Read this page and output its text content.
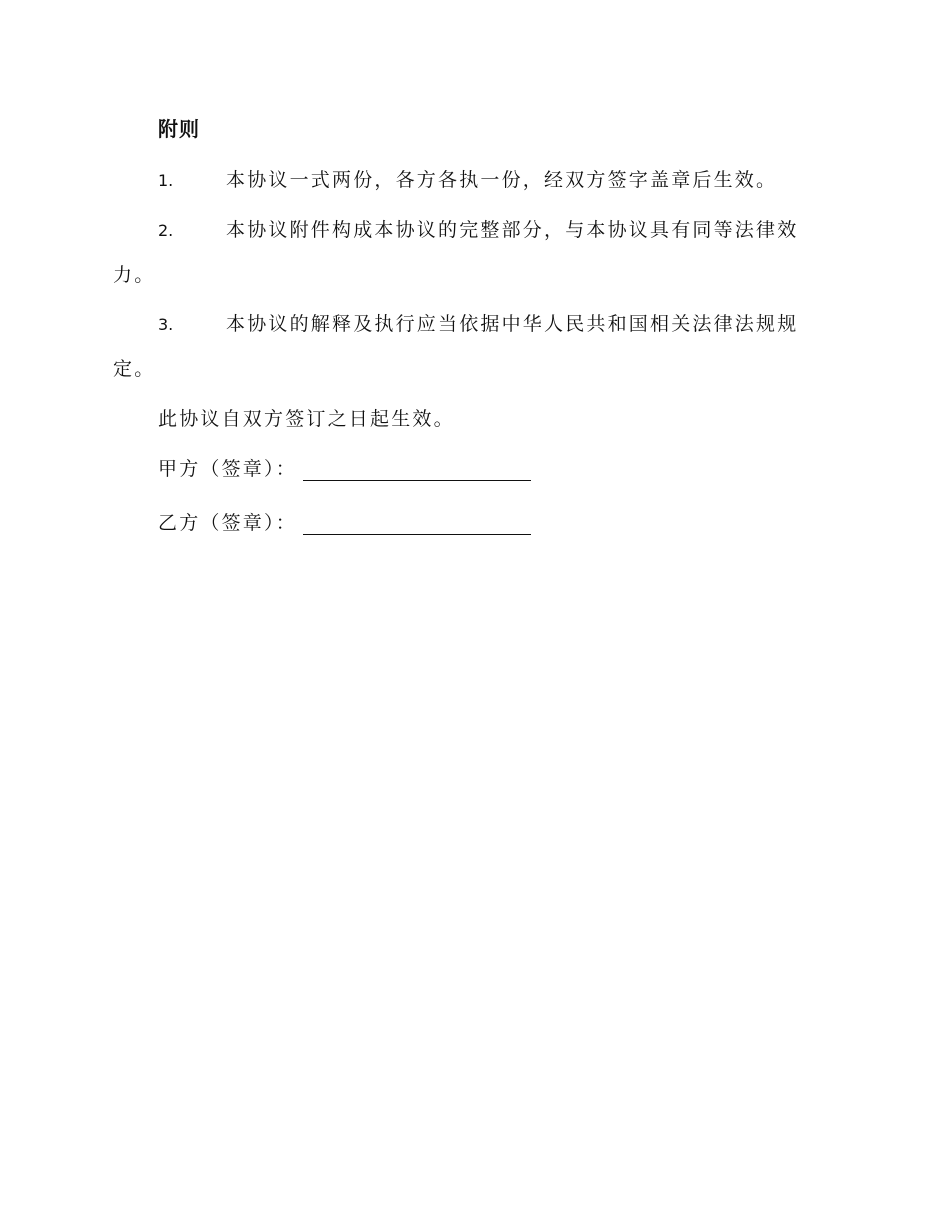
附则

1.	本协议一式两份，各方各执一份，经双方签字盖章后生效。

2.	本协议附件构成本协议的完整部分，与本协议具有同等法律效力。

3.	本协议的解释及执行应当依据中华人民共和国相关法律法规规定。

此协议自双方签订之日起生效。

甲方（签章）：

乙方（签章）：
